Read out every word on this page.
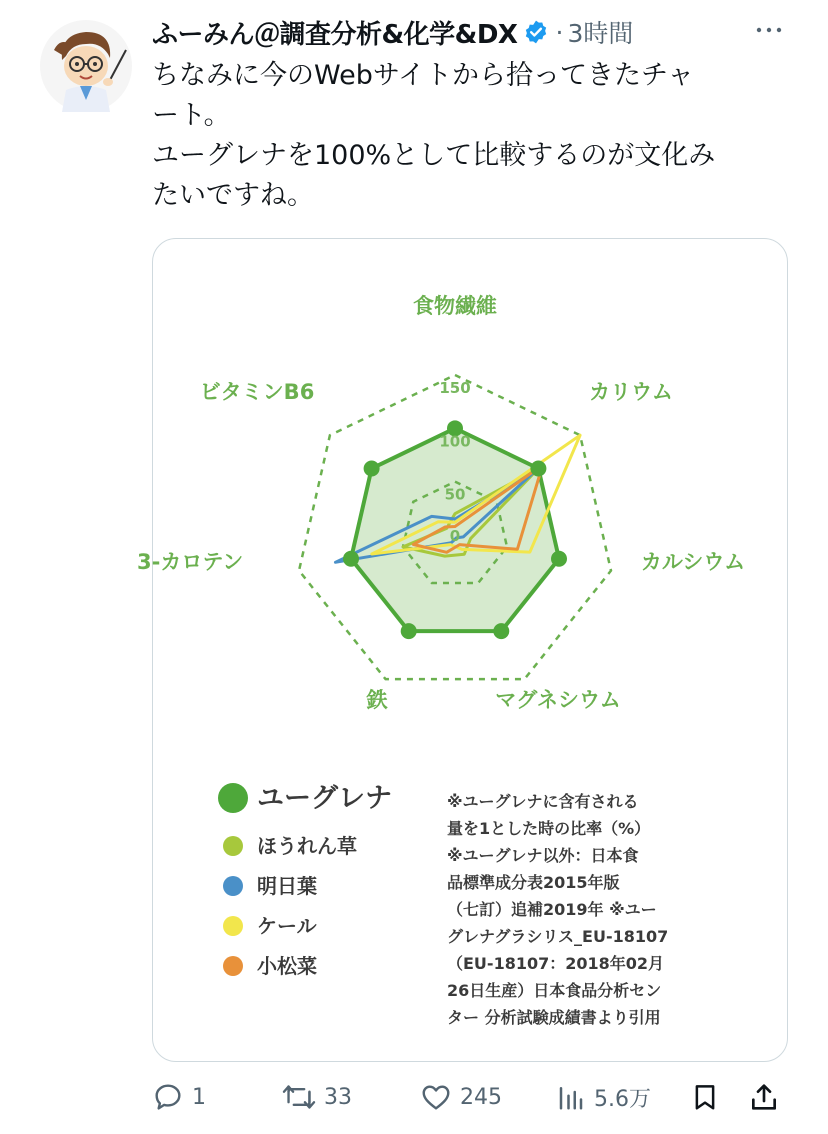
ふーみん＠調査分析&化学&DX · 3時間
ちなみに今のWebサイトから拾ってきたチャ
ート。
ユーグレナを100%として比較するのが文化み
たいですね。
0
50
100
150
食物繊維
カリウム
カルシウム
マグネシウム
鉄
3-カロテン
ビタミンB6
ユーグレナ
ほうれん草
明日葉
ケール
小松菜
※ユーグレナに含有される
量を1とした時の比率（%）
※ユーグレナ以外：日本食
品標準成分表2015年版
（七訂）追補2019年 ※ユー
グレナグラシリス_EU-18107
（EU-18107：2018年02月
26日生産）日本食品分析セン
ター 分析試験成績書より引用
1	33	245	5.6万
